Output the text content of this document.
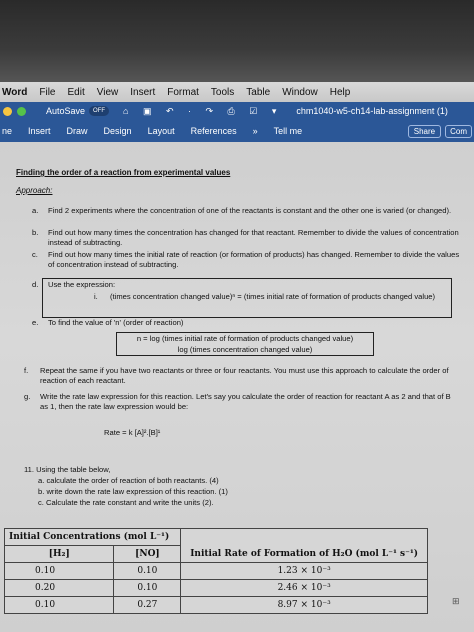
Word File Edit View Insert Format Tools Table Window Help
AutoSave	OFF	⌂ ▣ ↶ · ↷ ⎙ ☑ ▾ chm1040-w5-ch14-lab-assignment (1)
ne Insert Draw Design Layout References » Tell me	Share	Com
Finding the order of a reaction from experimental values
Approach:
a.	Find 2 experiments where the concentration of one of the reactants is constant and the other one is varied (or changed).
b.	Find out how many times the concentration has changed for that reactant. Remember to divide the values of concentration instead of subtracting.
c.	Find out how many times the initial rate of reaction (or formation of products) has changed. Remember to divide the values of concentration instead of subtracting.
d.	Use the expression:
i.	(times concentration changed value)ⁿ = (times initial rate of formation of products changed value)
e.	To find the value of 'n' (order of reaction)
n = log (times initial rate of formation of products changed value)
log (times concentration changed value)
f.	Repeat the same if you have two reactants or three or four reactants. You must use this approach to calculate the order of reaction of each reactant.
g.	Write the rate law expression for this reaction. Let's say you calculate the order of reaction for reactant A as 2 and that of B as 1, then the rate law expression would be:
Rate = k [A]².[B]¹
11. Using the table below,
a. calculate the order of reaction of both reactants. (4)
b. write down the rate law expression of this reaction. (1)
c. Calculate the rate constant and write the units (2).
Initial Concentrations (mol L⁻¹)		
[H₂]	[NO]	Initial Rate of Formation of H₂O (mol L⁻¹ s⁻¹)
0.10	0.10	1.23 × 10⁻³
0.20	0.10	2.46 × 10⁻³
0.10	0.27	8.97 × 10⁻³	⊞
